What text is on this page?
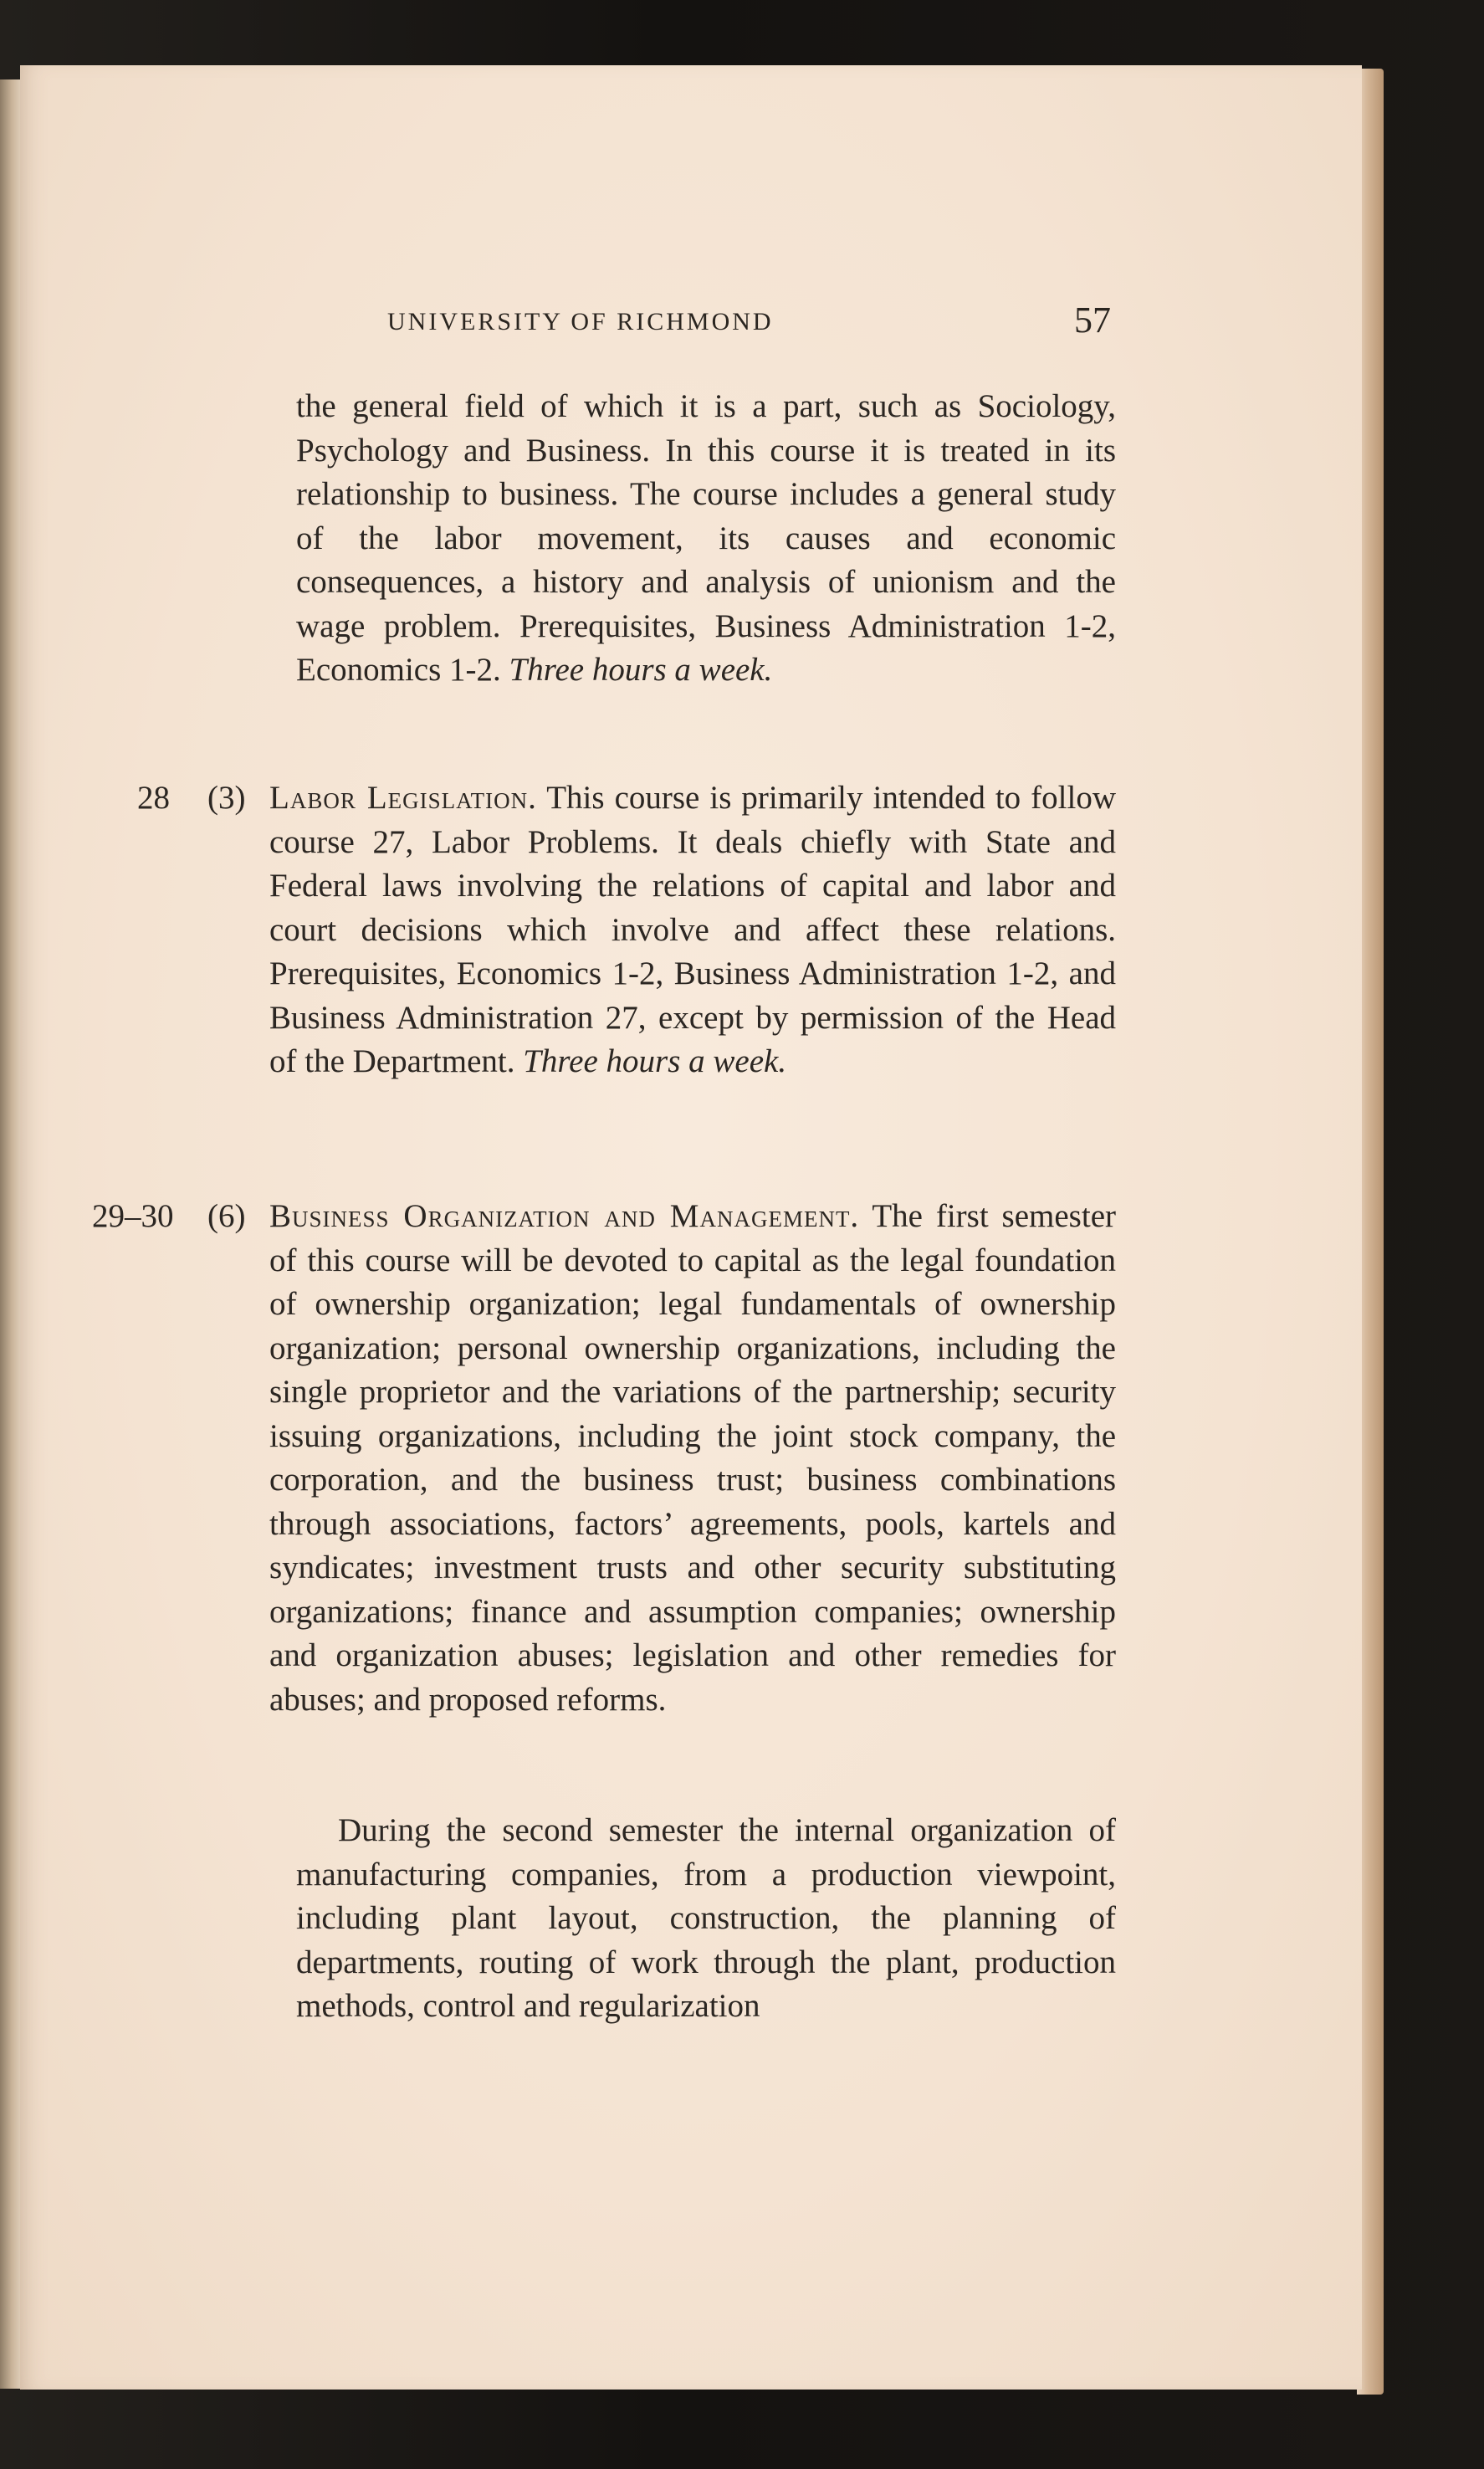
UNIVERSITY OF RICHMOND	57

the general field of which it is a part, such as Sociology, Psychology and Business. In this course it is treated in its relationship to business. The course includes a general study of the labor movement, its causes and economic consequences, a history and analysis of unionism and the wage problem. Prerequisites, Business Administration 1-2, Economics 1-2. Three hours a week.

28 (3) Labor Legislation. This course is primarily intended to follow course 27, Labor Problems. It deals chiefly with State and Federal laws involving the relations of capital and labor and court decisions which involve and affect these relations. Prerequisites, Economics 1-2, Business Administration 1-2, and Business Administration 27, except by permission of the Head of the Department. Three hours a week.
29–30 (6) Business Organization and Management. The first semester of this course will be devoted to capital as the legal foundation of ownership organization; legal fundamentals of ownership organization; personal ownership organizations, including the single proprietor and the variations of the partnership; security issuing organizations, including the joint stock company, the corporation, and the business trust; business combinations through associations, factors’ agreements, pools, kartels and syndicates; investment trusts and other security substituting organizations; finance and assumption companies; ownership and organization abuses; legislation and other remedies for abuses; and proposed reforms.

During the second semester the internal organization of manufacturing companies, from a production viewpoint, including plant layout, construction, the planning of departments, routing of work through the plant, production methods, control and regularization
